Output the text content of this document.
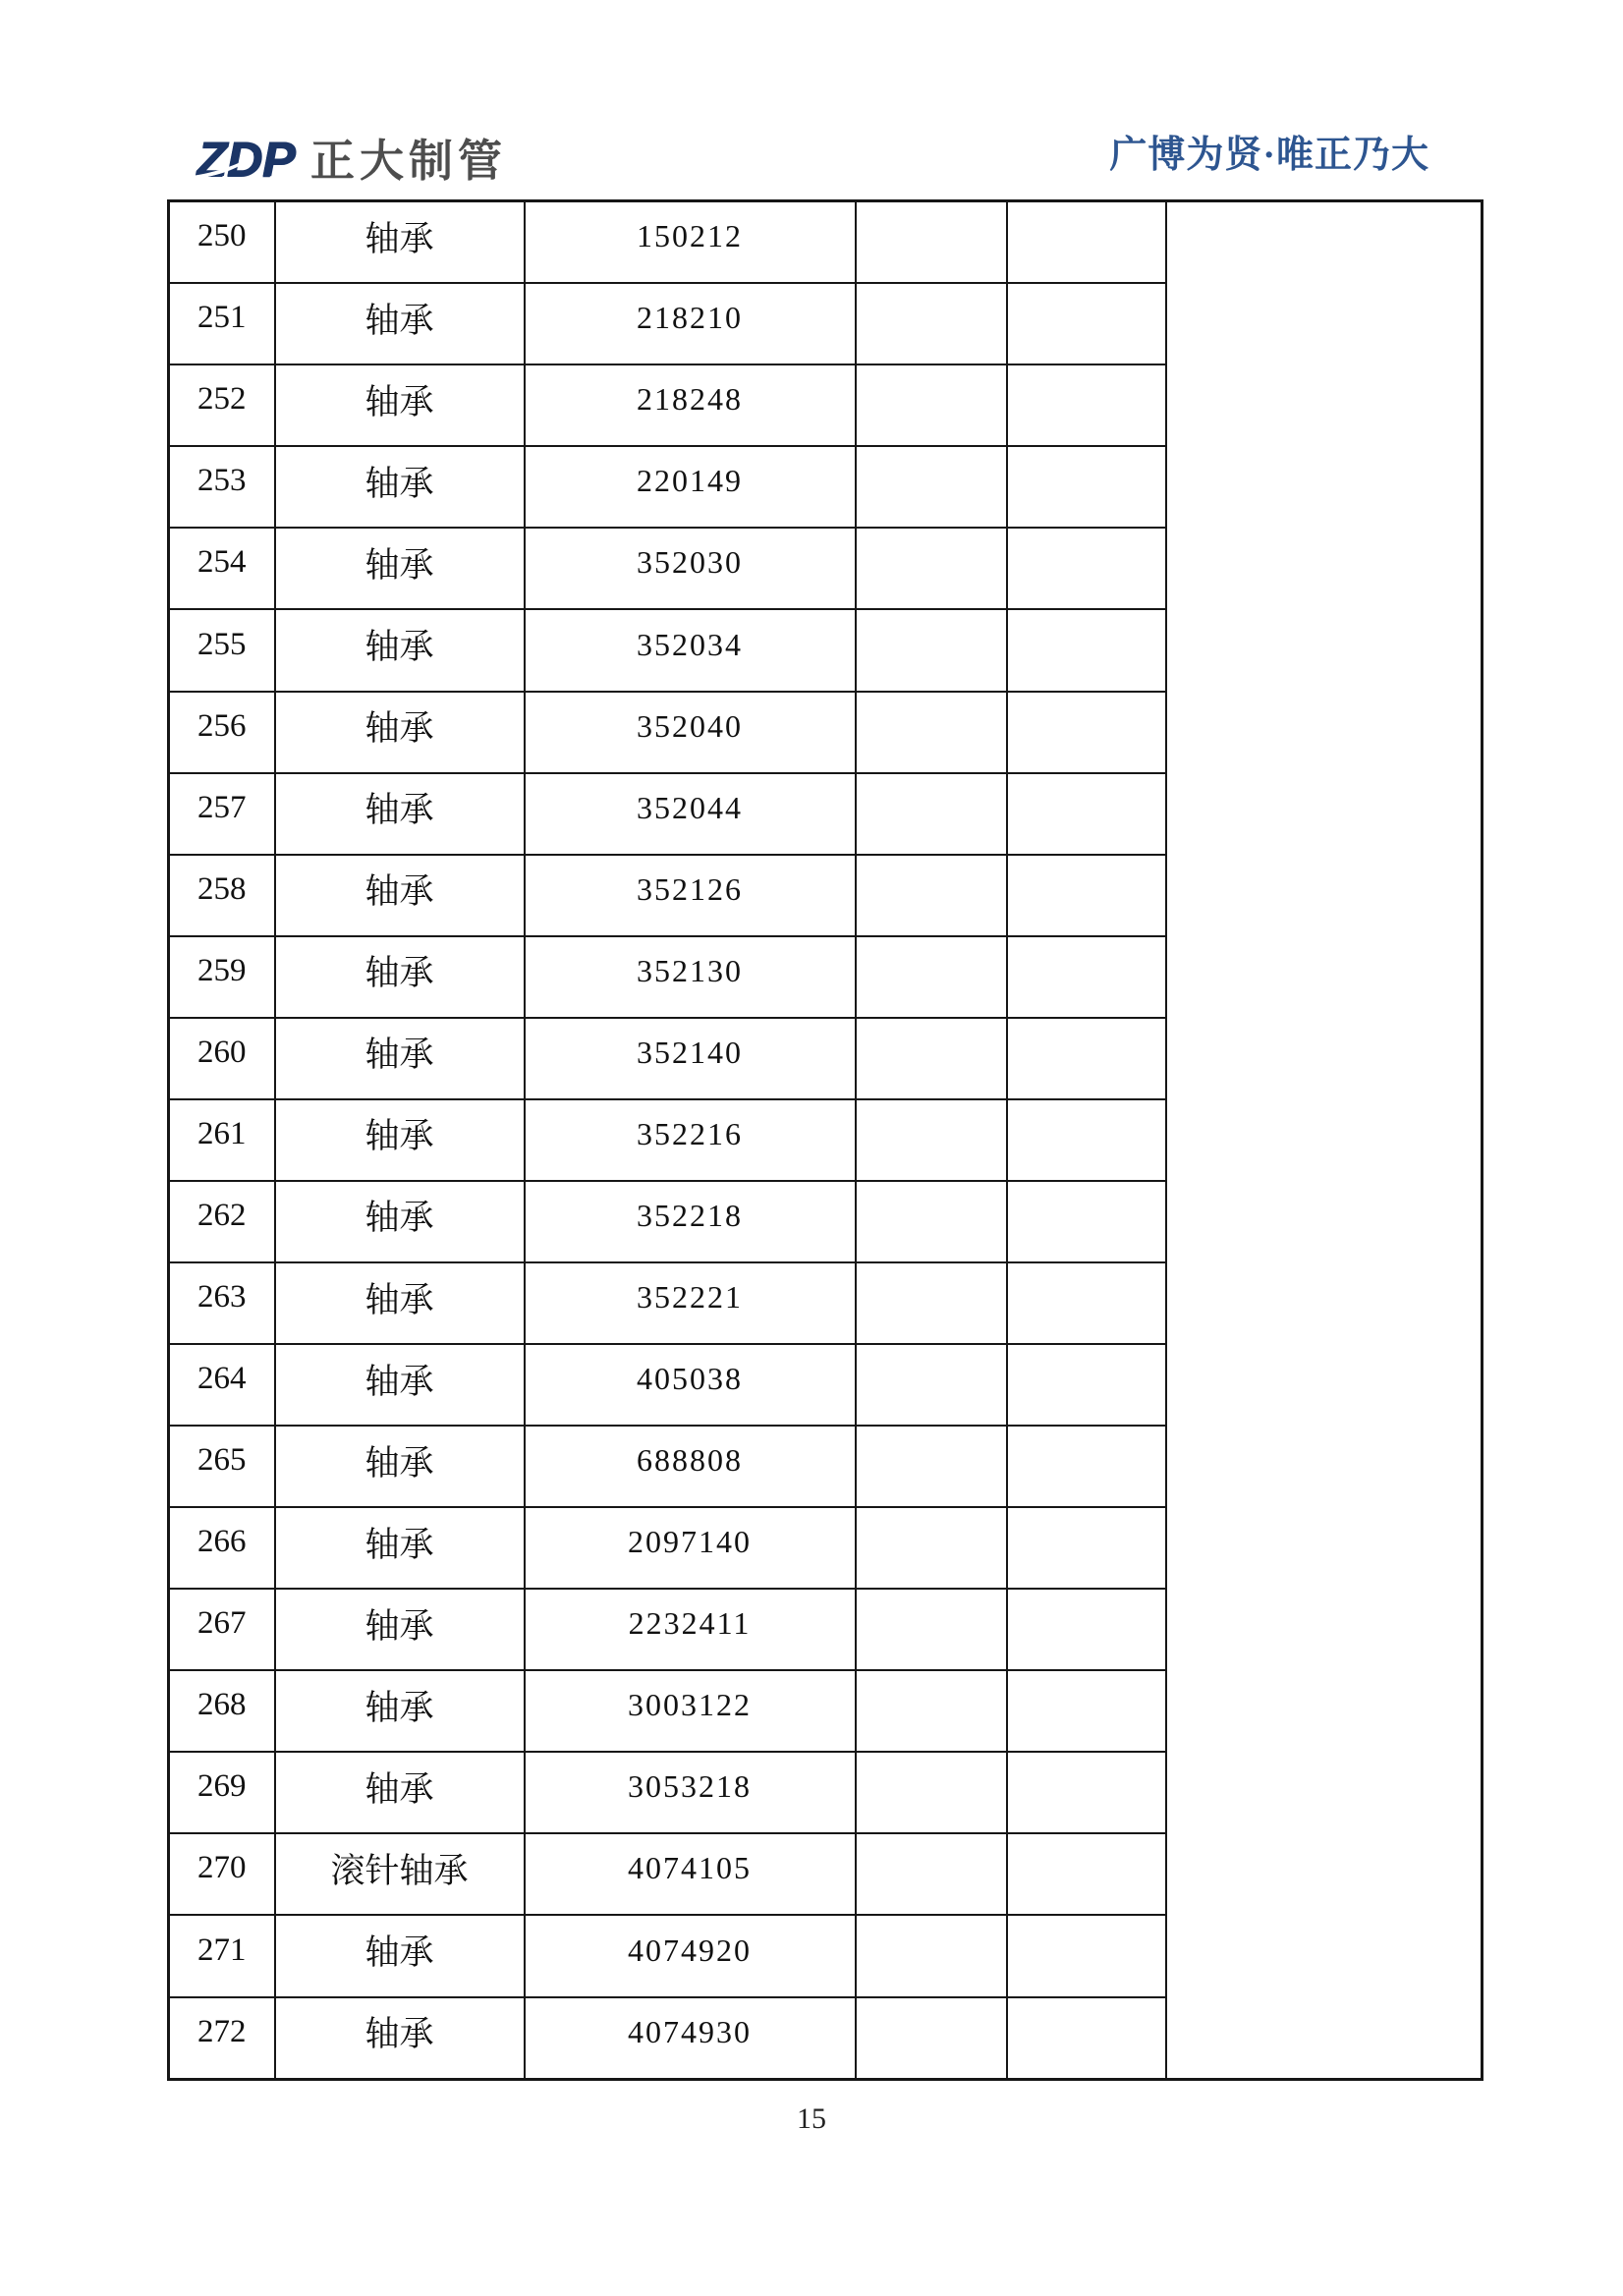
ZDP 正大制管	广博为贤·唯正乃大
250	轴承	150212			
251	轴承	218210			
252	轴承	218248			
253	轴承	220149			
254	轴承	352030			
255	轴承	352034			
256	轴承	352040			
257	轴承	352044			
258	轴承	352126			
259	轴承	352130			
260	轴承	352140			
261	轴承	352216			
262	轴承	352218			
263	轴承	352221			
264	轴承	405038			
265	轴承	688808			
266	轴承	2097140			
267	轴承	2232411			
268	轴承	3003122			
269	轴承	3053218			
270	滚针轴承	4074105			
271	轴承	4074920			
272	轴承	4074930			
15
